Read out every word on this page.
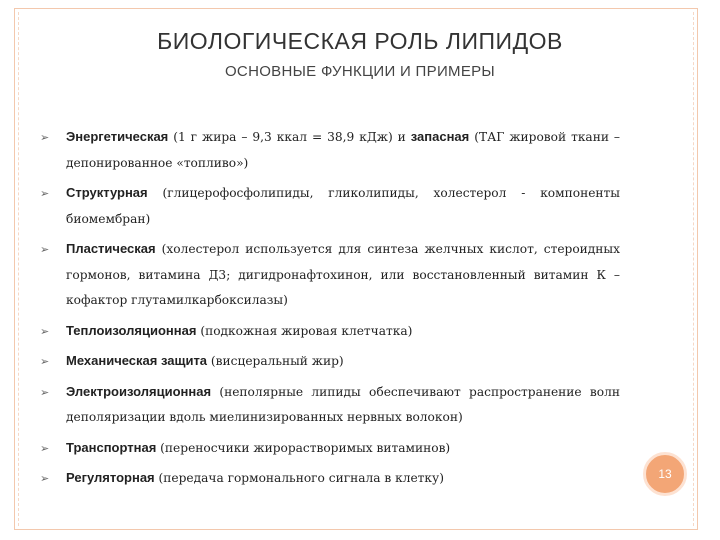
БИОЛОГИЧЕСКАЯ РОЛЬ ЛИПИДОВ
ОСНОВНЫЕ ФУНКЦИИ И ПРИМЕРЫ
➢ Энергетическая (1 г жира – 9,3 ккал = 38,9 кДж) и запасная (ТАГ жировой ткани – депонированное «топливо»)
➢ Структурная (глицерофосфолипиды, гликолипиды, холестерол - компоненты биомембран)
➢ Пластическая (холестерол используется для синтеза желчных кислот, стероидных гормонов, витамина Д3; дигидронафтохинон, или восстановленный витамин К – кофактор глутамилкарбоксилазы)
➢ Теплоизоляционная (подкожная жировая клетчатка)
➢ Механическая защита (висцеральный жир)
➢ Электроизоляционная (неполярные липиды обеспечивают распространение волн деполяризации вдоль миелинизированных нервных волокон)
➢ Транспортная (переносчики жирорастворимых витаминов)
➢ Регуляторная (передача гормонального сигнала в клетку)	13
